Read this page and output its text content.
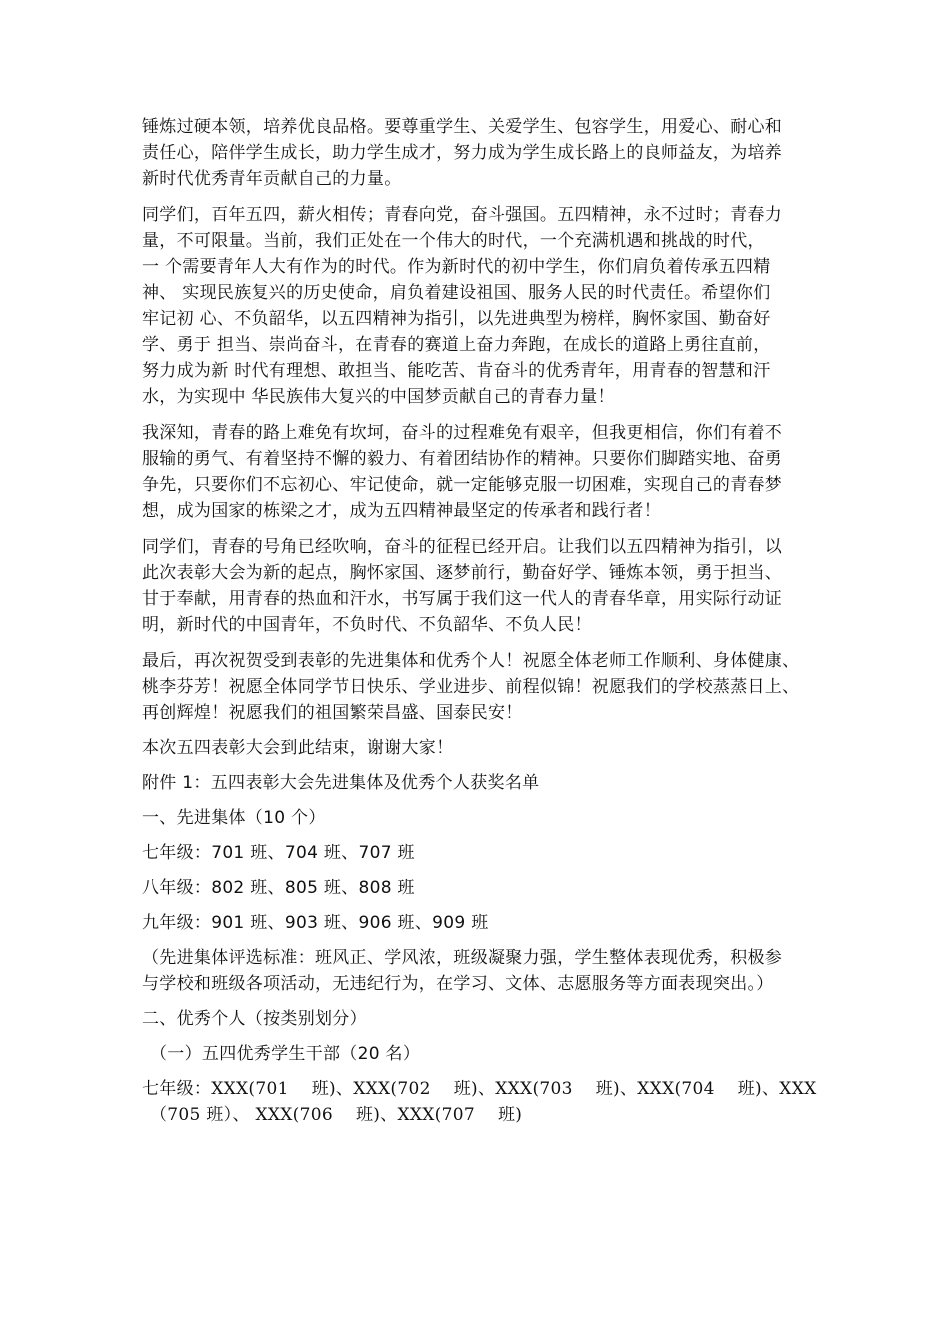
锤炼过硬本领，培养优良品格。要尊重学生、关爱学生、包容学生，用爱心、耐心和
责任心，陪伴学生成长，助力学生成才，努力成为学生成长路上的良师益友，为培养
新时代优秀青年贡献自己的力量。
同学们，百年五四，薪火相传；青春向党，奋斗强国。五四精神，永不过时；青春力
量，不可限量。当前，我们正处在一个伟大的时代，一个充满机遇和挑战的时代，
一 个需要青年人大有作为的时代。作为新时代的初中学生，你们肩负着传承五四精
神、 实现民族复兴的历史使命，肩负着建设祖国、服务人民的时代责任。希望你们
牢记初 心、不负韶华，以五四精神为指引，以先进典型为榜样，胸怀家国、勤奋好
学、勇于 担当、崇尚奋斗，在青春的赛道上奋力奔跑，在成长的道路上勇往直前，
努力成为新 时代有理想、敢担当、能吃苦、肯奋斗的优秀青年，用青春的智慧和汗
水，为实现中 华民族伟大复兴的中国梦贡献自己的青春力量！
我深知，青春的路上难免有坎坷，奋斗的过程难免有艰辛，但我更相信，你们有着不
服输的勇气、有着坚持不懈的毅力、有着团结协作的精神。只要你们脚踏实地、奋勇
争先，只要你们不忘初心、牢记使命，就一定能够克服一切困难，实现自己的青春梦
想，成为国家的栋梁之才，成为五四精神最坚定的传承者和践行者！
同学们，青春的号角已经吹响，奋斗的征程已经开启。让我们以五四精神为指引，以
此次表彰大会为新的起点，胸怀家国、逐梦前行，勤奋好学、锤炼本领，勇于担当、
甘于奉献，用青春的热血和汗水，书写属于我们这一代人的青春华章，用实际行动证
明，新时代的中国青年，不负时代、不负韶华、不负人民！
最后，再次祝贺受到表彰的先进集体和优秀个人！祝愿全体老师工作顺利、身体健康、
桃李芬芳！祝愿全体同学节日快乐、学业进步、前程似锦！祝愿我们的学校蒸蒸日上、
再创辉煌！祝愿我们的祖国繁荣昌盛、国泰民安！
本次五四表彰大会到此结束，谢谢大家！
附件 1：五四表彰大会先进集体及优秀个人获奖名单
一、先进集体（10 个）
七年级：701 班、704 班、707 班
八年级：802 班、805 班、808 班
九年级：901 班、903 班、906 班、909 班
（先进集体评选标准：班风正、学风浓，班级凝聚力强，学生整体表现优秀，积极参
与学校和班级各项活动，无违纪行为，在学习、文体、志愿服务等方面表现突出。）
二、优秀个人（按类别划分）
（一）五四优秀学生干部（20 名）
七年级：XXX(701　 班)、XXX(702　 班)、XXX(703　 班)、XXX(704　 班)、XXX
（705 班）、 XXX(706　 班)、XXX(707　 班)
